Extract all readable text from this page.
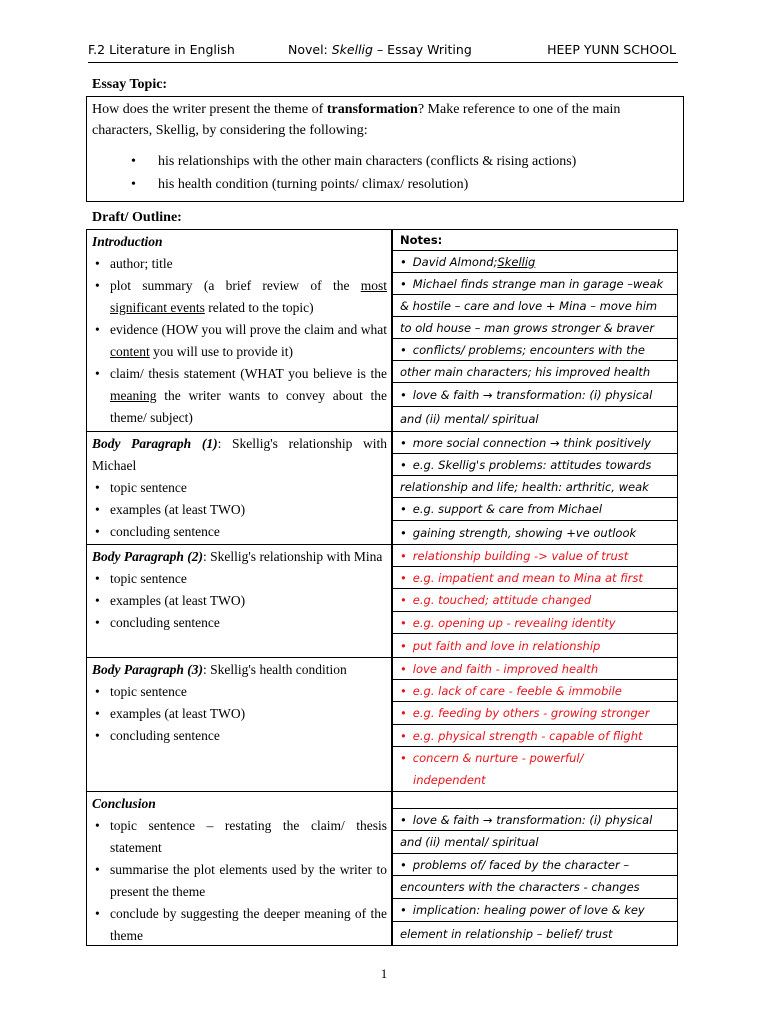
F.2 Literature in English	Novel: Skellig – Essay Writing	HEEP YUNN SCHOOL
Essay Topic:
How does the writer present the theme of transformation? Make reference to one of the main characters, Skellig, by considering the following:
• his relationships with the other main characters (conflicts & rising actions)
• his health condition (turning points/ climax/ resolution)
Draft/ Outline:
Introduction
• author; title
• plot summary (a brief review of the most significant events related to the topic)
• evidence (HOW you will prove the claim and what content you will use to provide it)
• claim/ thesis statement (WHAT you believe is the meaning the writer wants to convey about the theme/ subject)
Body Paragraph (1): Skellig's relationship with Michael
• topic sentence
• examples (at least TWO)
• concluding sentence
Body Paragraph (2): Skellig's relationship with Mina
• topic sentence
• examples (at least TWO)
• concluding sentence
Body Paragraph (3): Skellig's health condition
• topic sentence
• examples (at least TWO)
• concluding sentence
Conclusion
• topic sentence – restating the claim/ thesis statement
• summarise the plot elements used by the writer to present the theme
• conclude by suggesting the deeper meaning of the theme
Notes:
• David Almond; Skellig
• Michael finds strange man in garage –weak
& hostile – care and love + Mina – move him
to old house – man grows stronger & braver
• conflicts/ problems; encounters with the
other main characters; his improved health
• love & faith → transformation: (i) physical
and (ii) mental/ spiritual
• more social connection → think positively
• e.g. Skellig's problems: attitudes towards
relationship and life; health: arthritic, weak
• e.g. support & care from Michael
• gaining strength, showing +ve outlook
• relationship building -> value of trust
• e.g. impatient and mean to Mina at first
• e.g. touched; attitude changed
• e.g. opening up - revealing identity
• put faith and love in relationship
• love and faith - improved health
• e.g. lack of care - feeble & immobile
• e.g. feeding by others - growing stronger
• e.g. physical strength - capable of flight
• concern & nurture - powerful/
independent
• love & faith → transformation: (i) physical
and (ii) mental/ spiritual
• problems of/ faced by the character –
encounters with the characters - changes
• implication: healing power of love & key
element in relationship – belief/ trust
1
